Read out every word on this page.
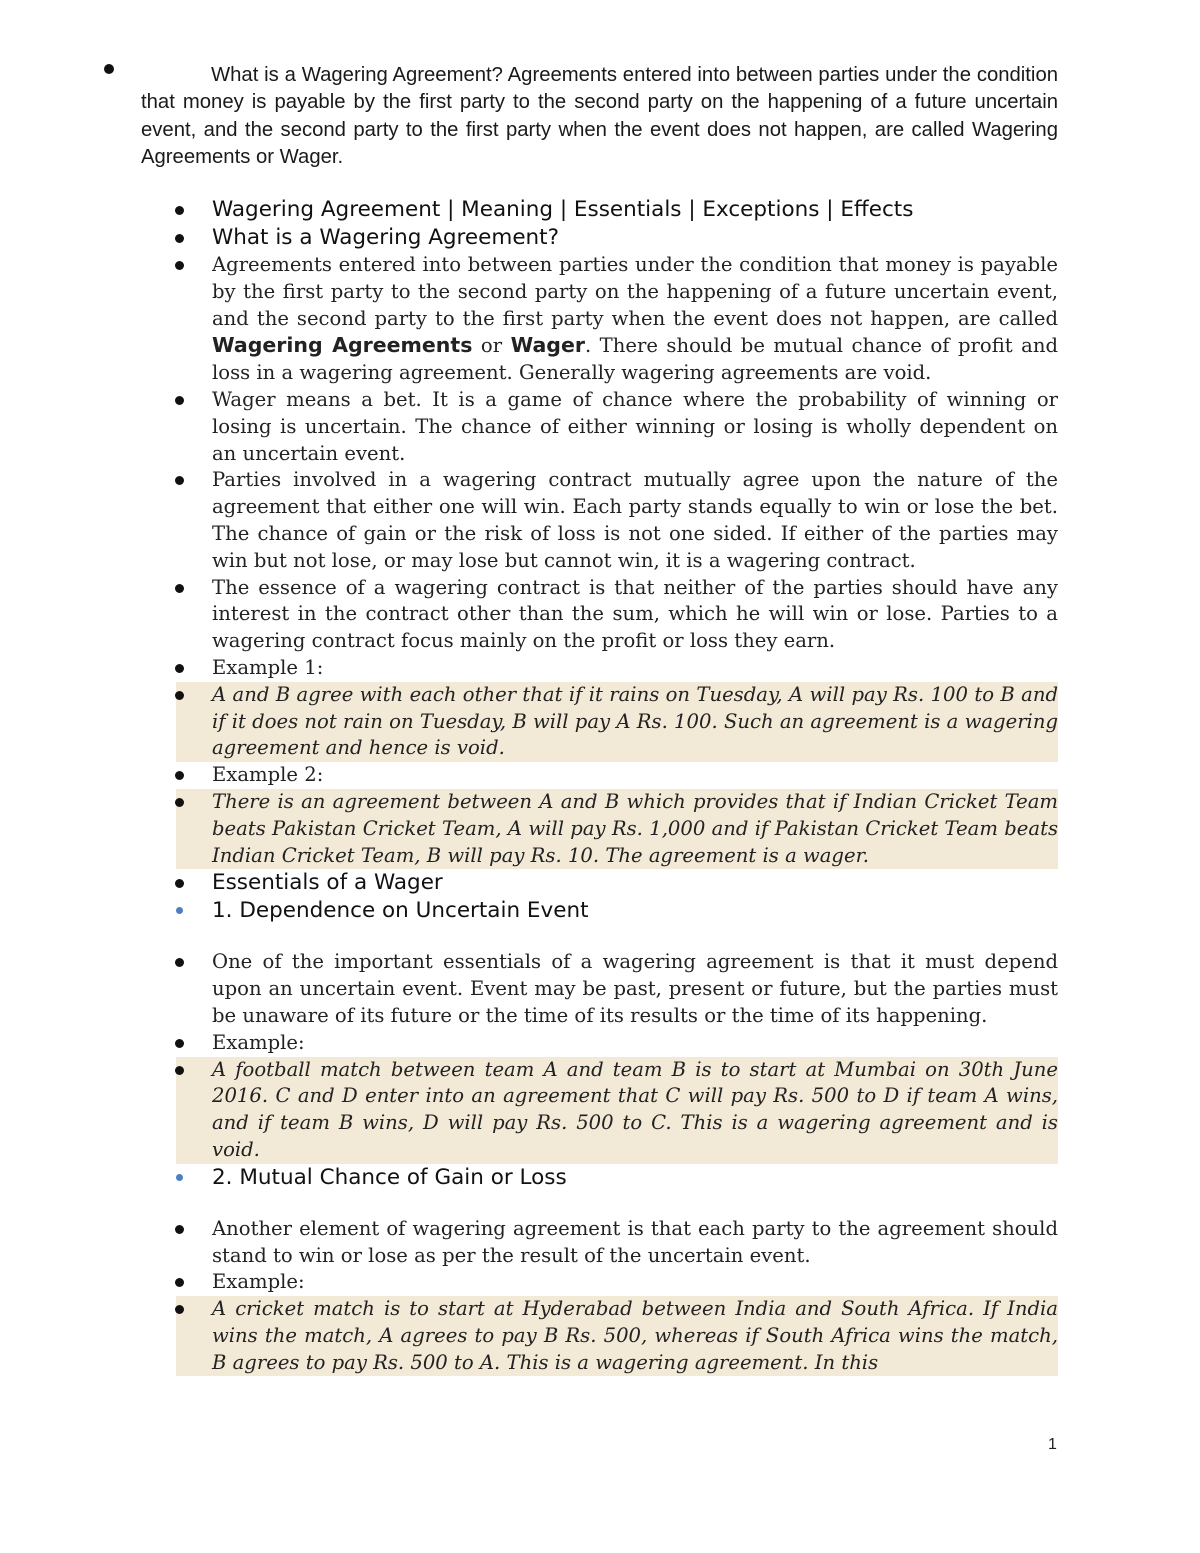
What is a Wagering Agreement? Agreements entered into between parties under the condition that money is payable by the first party to the second party on the happening of a future uncertain event, and the second party to the first party when the event does not happen, are called Wagering Agreements or Wager.
Wagering Agreement | Meaning | Essentials | Exceptions | Effects
What is a Wagering Agreement?
Agreements entered into between parties under the condition that money is payable by the first party to the second party on the happening of a future uncertain event, and the second party to the first party when the event does not happen, are called Wagering Agreements or Wager. There should be mutual chance of profit and loss in a wagering agreement. Generally wagering agreements are void.
Wager means a bet. It is a game of chance where the probability of winning or losing is uncertain. The chance of either winning or losing is wholly dependent on an uncertain event.
Parties involved in a wagering contract mutually agree upon the nature of the agreement that either one will win. Each party stands equally to win or lose the bet. The chance of gain or the risk of loss is not one sided. If either of the parties may win but not lose, or may lose but cannot win, it is a wagering contract.
The essence of a wagering contract is that neither of the parties should have any interest in the contract other than the sum, which he will win or lose. Parties to a wagering contract focus mainly on the profit or loss they earn.
Example 1:
A and B agree with each other that if it rains on Tuesday, A will pay Rs. 100 to B and if it does not rain on Tuesday, B will pay A Rs. 100. Such an agreement is a wagering agreement and hence is void.
Example 2:
There is an agreement between A and B which provides that if Indian Cricket Team beats Pakistan Cricket Team, A will pay Rs. 1,000 and if Pakistan Cricket Team beats Indian Cricket Team, B will pay Rs. 10. The agreement is a wager.
Essentials of a Wager
1. Dependence on Uncertain Event
One of the important essentials of a wagering agreement is that it must depend upon an uncertain event. Event may be past, present or future, but the parties must be unaware of its future or the time of its results or the time of its happening.
Example:
A football match between team A and team B is to start at Mumbai on 30th June 2016. C and D enter into an agreement that C will pay Rs. 500 to D if team A wins, and if team B wins, D will pay Rs. 500 to C. This is a wagering agreement and is void.
2. Mutual Chance of Gain or Loss
Another element of wagering agreement is that each party to the agreement should stand to win or lose as per the result of the uncertain event.
Example:
A cricket match is to start at Hyderabad between India and South Africa. If India wins the match, A agrees to pay B Rs. 500, whereas if South Africa wins the match, B agrees to pay Rs. 500 to A. This is a wagering agreement. In this
1
